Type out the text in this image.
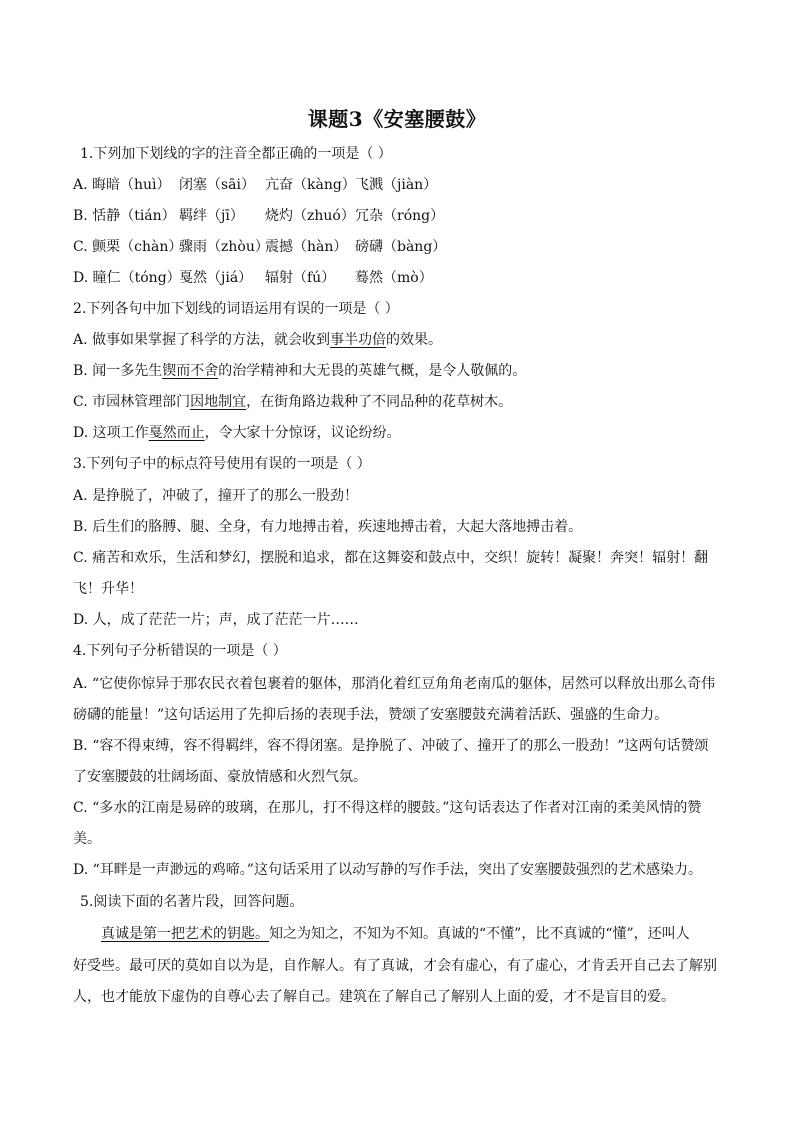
课题3《安塞腰鼓》
1.下列加下划线的字的注音全都正确的一项是（ ）
A. 晦暗（huì） 闭塞（sāi） 亢奋（kàng）飞溅（jiàn）
B. 恬静（tián） 羁绊（jī） 烧灼（zhuó）冗杂（róng）
C. 颤栗（chàn）骤雨（zhòu）震撼（hàn） 磅礴（bàng）
D. 瞳仁（tóng）戛然（jiá） 辐射（fú） 蓦然（mò）
2.下列各句中加下划线的词语运用有误的一项是（ ）
A. 做事如果掌握了科学的方法，就会收到事半功倍的效果。
B. 闻一多先生锲而不舍的治学精神和大无畏的英雄气概，是令人敬佩的。
C. 市园林管理部门因地制宜，在街角路边栽种了不同品种的花草树木。
D. 这项工作戛然而止，令大家十分惊讶，议论纷纷。
3.下列句子中的标点符号使用有误的一项是（ ）
A. 是挣脱了，冲破了，撞开了的那么一股劲！
B. 后生们的胳膊、腿、全身，有力地搏击着，疾速地搏击着，大起大落地搏击着。
C. 痛苦和欢乐，生活和梦幻，摆脱和追求，都在这舞姿和鼓点中，交织！旋转！凝聚！奔突！辐射！翻
飞！升华！
D. 人，成了茫茫一片；声，成了茫茫一片……
4.下列句子分析错误的一项是（ ）
A. “它使你惊异于那农民衣着包裹着的躯体，那消化着红豆角角老南瓜的躯体，居然可以释放出那么奇伟
磅礴的能量！”这句话运用了先抑后扬的表现手法，赞颂了安塞腰鼓充满着活跃、强盛的生命力。
B. “容不得束缚，容不得羁绊，容不得闭塞。是挣脱了、冲破了、撞开了的那么一股劲！”这两句话赞颂
了安塞腰鼓的壮阔场面、豪放情感和火烈气氛。
C. “多水的江南是易碎的玻璃，在那儿，打不得这样的腰鼓。”这句话表达了作者对江南的柔美风情的赞
美。
D. “耳畔是一声渺远的鸡啼。”这句话采用了以动写静的写作手法，突出了安塞腰鼓强烈的艺术感染力。
5.阅读下面的名著片段，回答问题。
真诚是第一把艺术的钥匙。知之为知之，不知为不知。真诚的“不懂”，比不真诚的“懂”，还叫人
好受些。最可厌的莫如自以为是，自作解人。有了真诚，才会有虚心，有了虚心，才肯丢开自己去了解别
人，也才能放下虚伪的自尊心去了解自己。建筑在了解自己了解别人上面的爱，才不是盲目的爱。
